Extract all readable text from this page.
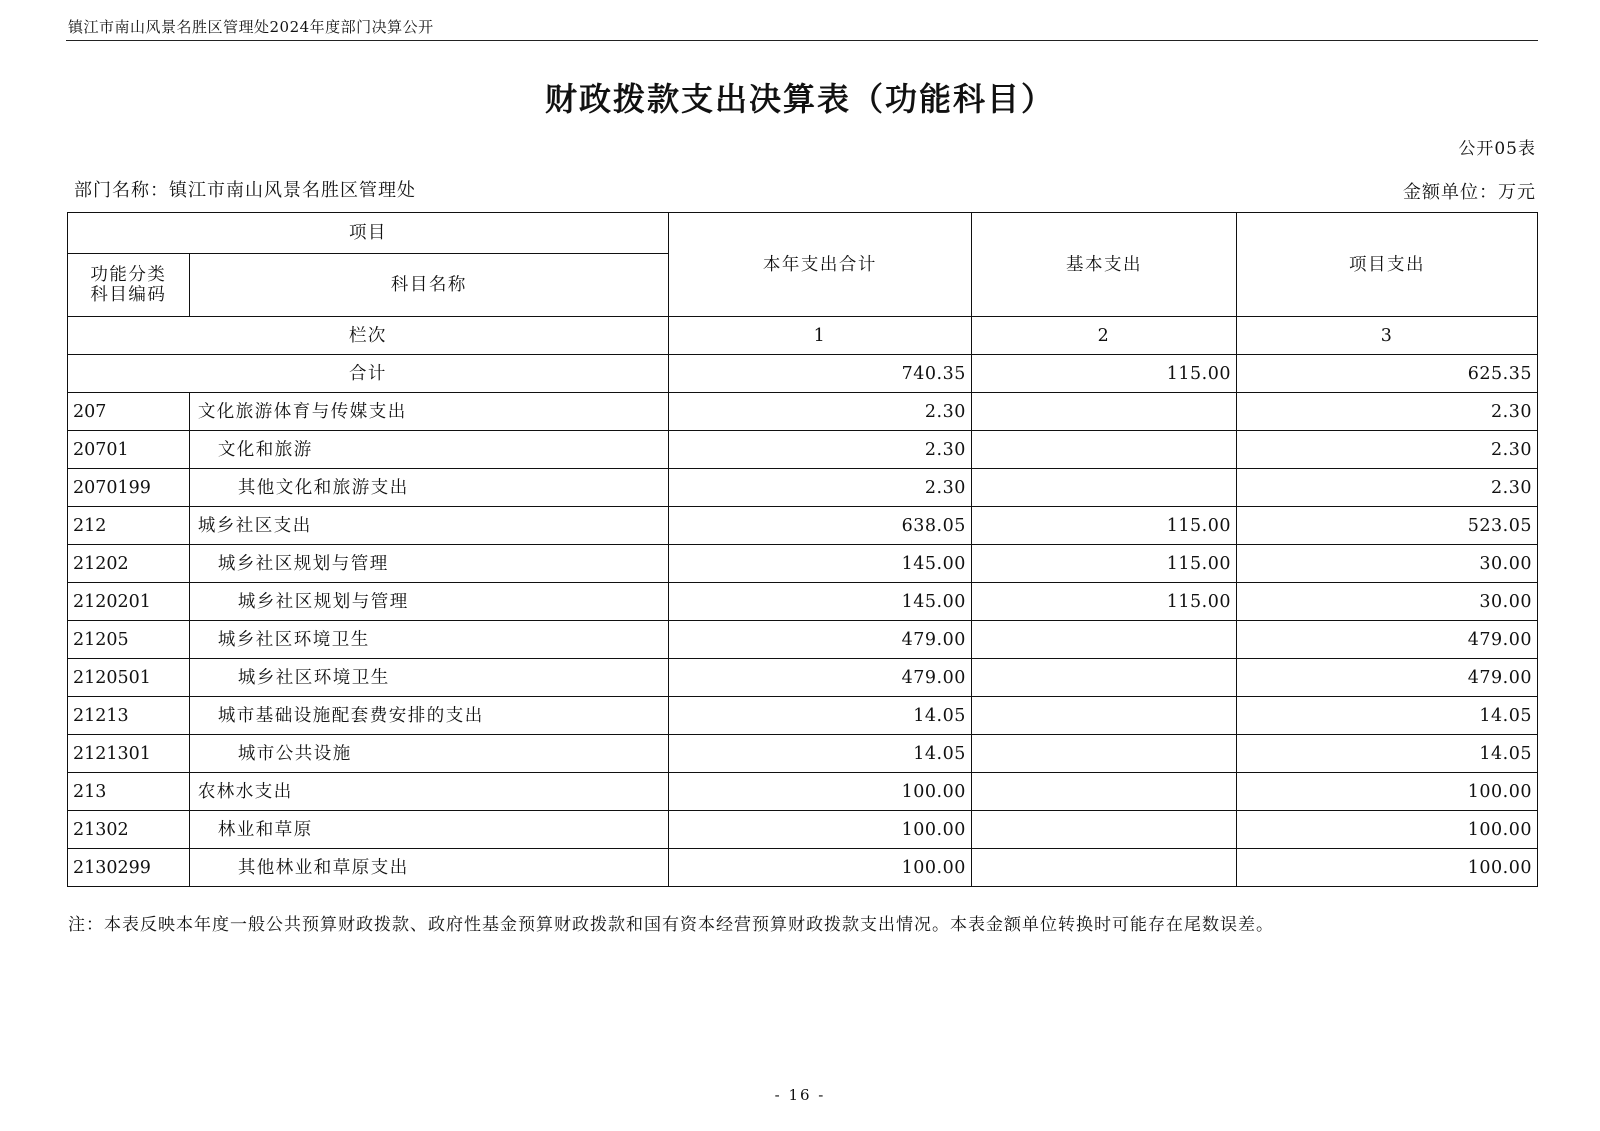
镇江市南山风景名胜区管理处2024年度部门决算公开
财政拨款支出决算表（功能科目）
公开05表
部门名称：镇江市南山风景名胜区管理处	金额单位：万元
项目		本年支出合计	基本支出	项目支出

功能分类
科目编码	科目名称			
栏次		1	2	3
合计		740.35	115.00	625.35
207	文化旅游体育与传媒支出	2.30		2.30
20701	文化和旅游	2.30		2.30
2070199	其他文化和旅游支出	2.30		2.30
212	城乡社区支出	638.05	115.00	523.05
21202	城乡社区规划与管理	145.00	115.00	30.00
2120201	城乡社区规划与管理	145.00	115.00	30.00
21205	城乡社区环境卫生	479.00		479.00
2120501	城乡社区环境卫生	479.00		479.00
21213	城市基础设施配套费安排的支出	14.05		14.05
2121301	城市公共设施	14.05		14.05
213	农林水支出	100.00		100.00
21302	林业和草原	100.00		100.00
2130299	其他林业和草原支出	100.00		100.00
注：本表反映本年度一般公共预算财政拨款、政府性基金预算财政拨款和国有资本经营预算财政拨款支出情况。本表金额单位转换时可能存在尾数误差。
- 16 -
